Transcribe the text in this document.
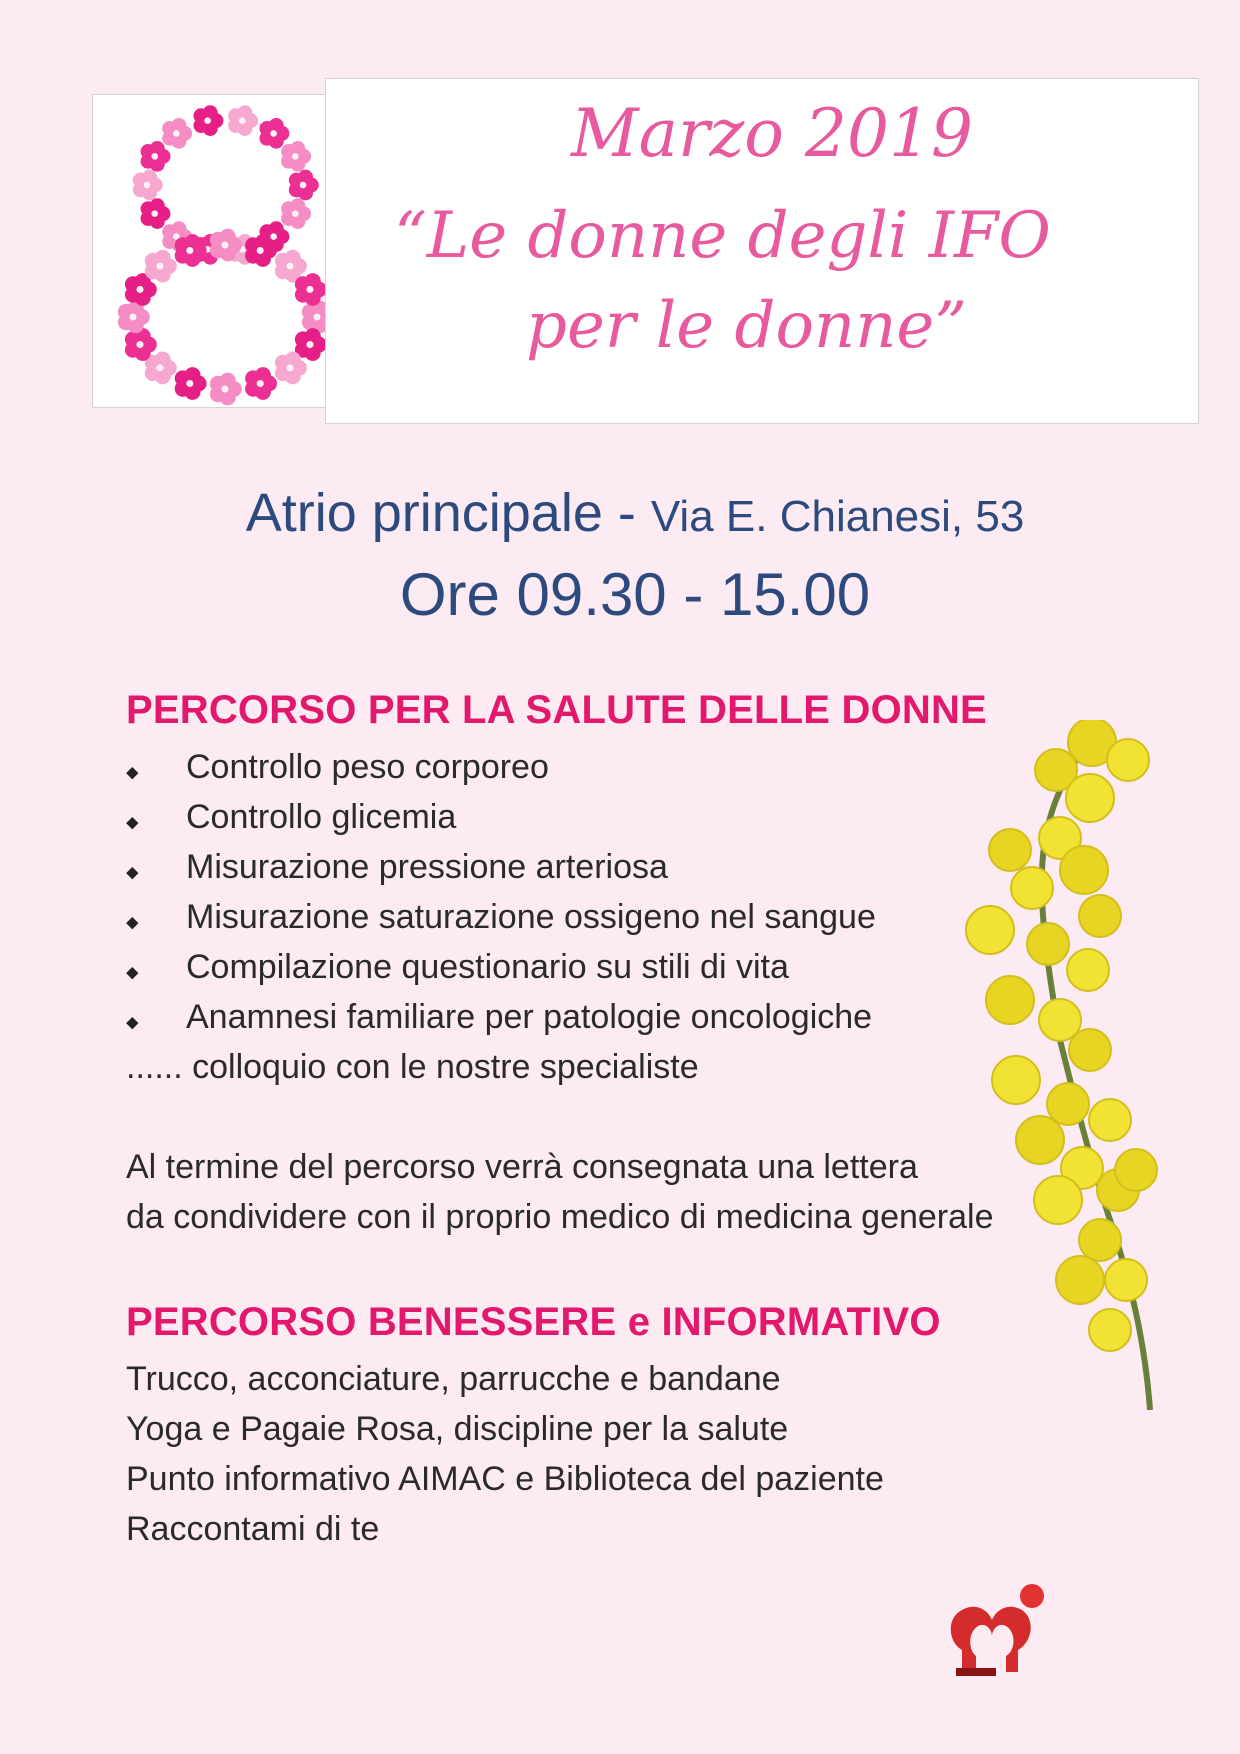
Marzo 2019
“Le donne degli IFO
per le donne”
Atrio principale - Via E. Chianesi, 53
Ore 09.30 - 15.00
PERCORSO PER LA SALUTE DELLE DONNE
⬥ Controllo peso corporeo
⬥ Controllo glicemia
⬥ Misurazione pressione arteriosa
⬥ Misurazione saturazione ossigeno nel sangue
⬥ Compilazione questionario su stili di vita
⬥ Anamnesi familiare per patologie oncologiche
...... colloquio con le nostre specialiste
Al termine del percorso verrà consegnata una lettera
da condividere con il proprio medico di medicina generale
PERCORSO BENESSERE e INFORMATIVO
Trucco, acconciature, parrucche e bandane
Yoga e Pagaie Rosa, discipline per la salute
Punto informativo AIMAC e Biblioteca del paziente
Raccontami di te
